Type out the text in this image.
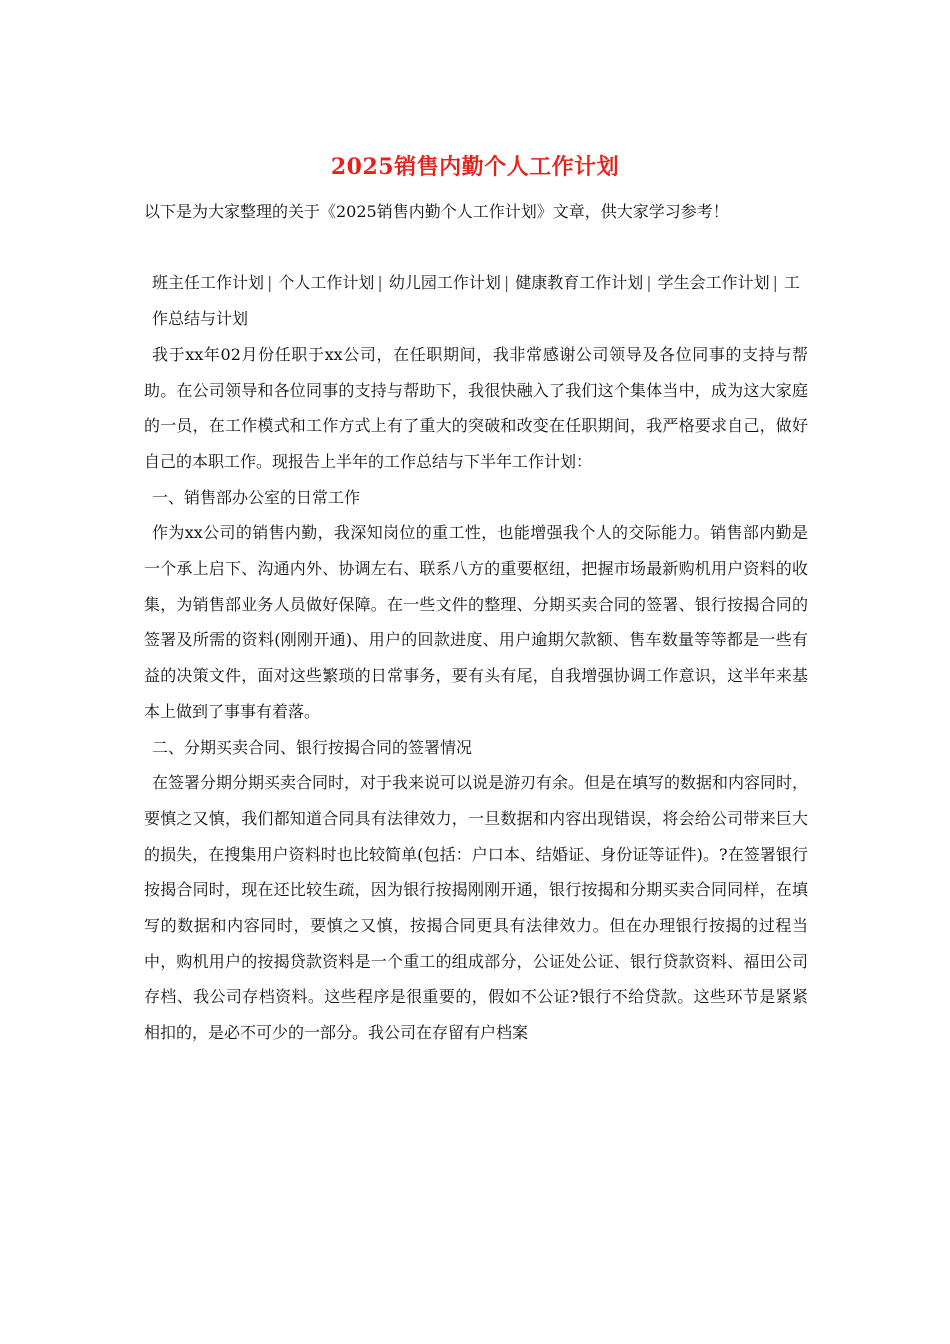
2025销售内勤个人工作计划

以下是为大家整理的关于《2025销售内勤个人工作计划》文章，供大家学习参考！

班主任工作计划 | 个人工作计划 | 幼儿园工作计划 | 健康教育工作计划 | 学生会工作计划 | 工作总结与计划

我于xx年02月份任职于xx公司，在任职期间，我非常感谢公司领导及各位同事的支持与帮助。在公司领导和各位同事的支持与帮助下，我很快融入了我们这个集体当中，成为这大家庭的一员，在工作模式和工作方式上有了重大的突破和改变在任职期间，我严格要求自己，做好自己的本职工作。现报告上半年的工作总结与下半年工作计划：

一、销售部办公室的日常工作

作为xx公司的销售内勤，我深知岗位的重工性，也能增强我个人的交际能力。销售部内勤是一个承上启下、沟通内外、协调左右、联系八方的重要枢纽，把握市场最新购机用户资料的收集，为销售部业务人员做好保障。在一些文件的整理、分期买卖合同的签署、银行按揭合同的签署及所需的资料(刚刚开通)、用户的回款进度、用户逾期欠款额、售车数量等等都是一些有益的决策文件，面对这些繁琐的日常事务，要有头有尾，自我增强协调工作意识，这半年来基本上做到了事事有着落。

二、分期买卖合同、银行按揭合同的签署情况

在签署分期分期买卖合同时，对于我来说可以说是游刃有余。但是在填写的数据和内容同时，要慎之又慎，我们都知道合同具有法律效力，一旦数据和内容出现错误，将会给公司带来巨大的损失，在搜集用户资料时也比较简单(包括：户口本、结婚证、身份证等证件)。?在签署银行按揭合同时，现在还比较生疏，因为银行按揭刚刚开通，银行按揭和分期买卖合同同样，在填写的数据和内容同时，要慎之又慎，按揭合同更具有法律效力。但在办理银行按揭的过程当中，购机用户的按揭贷款资料是一个重工的组成部分，公证处公证、银行贷款资料、福田公司存档、我公司存档资料。这些程序是很重要的，假如不公证?银行不给贷款。这些环节是紧紧相扣的，是必不可少的一部分。我公司在存留有户档案
